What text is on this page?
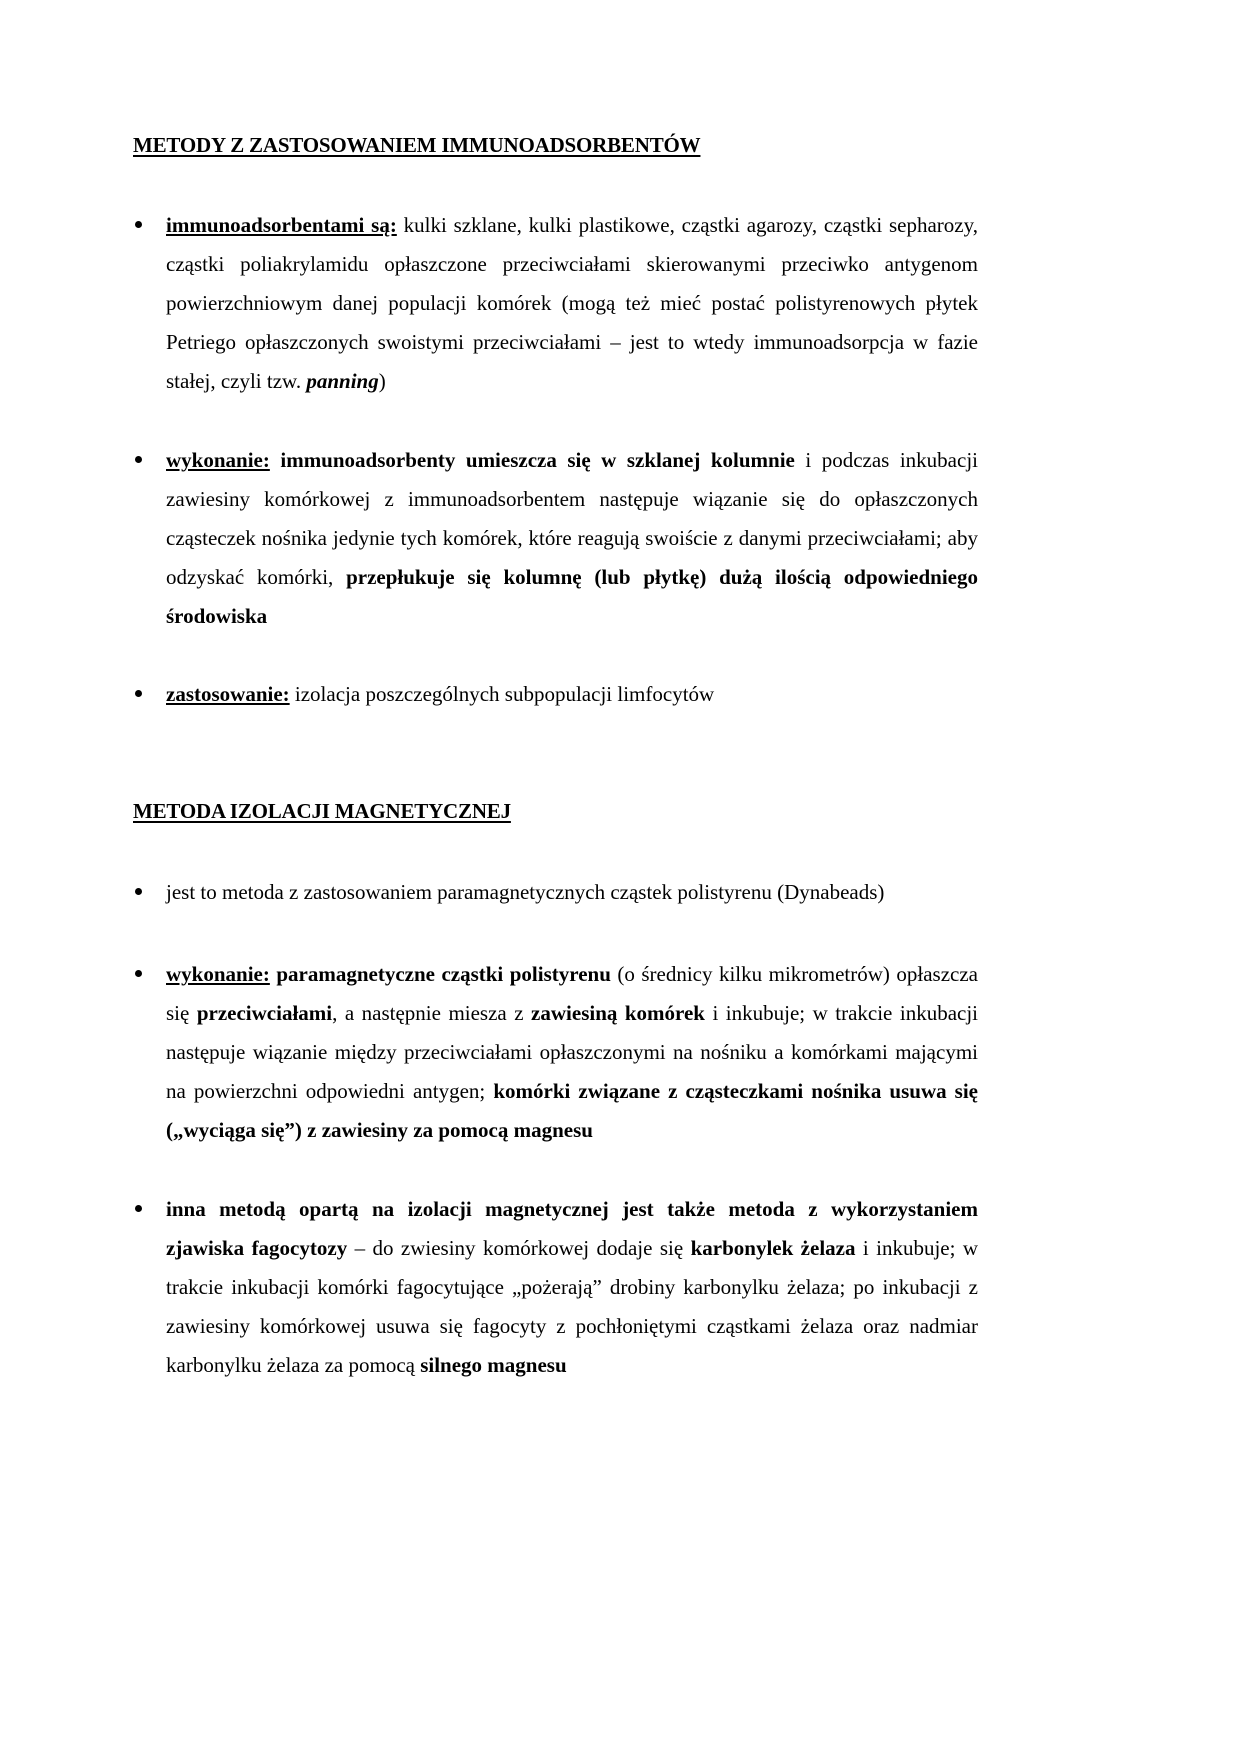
METODY Z ZASTOSOWANIEM IMMUNOADSORBENTÓW
immunoadsorbentami są: kulki szklane, kulki plastikowe, cząstki agarozy, cząstki sepharozy, cząstki poliakrylamidu opłaszczone przeciwciałami skierowanymi przeciwko antygenom powierzchniowym danej populacji komórek (mogą też mieć postać polistyrenowych płytek Petriego opłaszczonych swoistymi przeciwciałami – jest to wtedy immunoadsorpcja w fazie stałej, czyli tzw. panning)
wykonanie: immunoadsorbenty umieszcza się w szklanej kolumnie i podczas inkubacji zawiesiny komórkowej z immunoadsorbentem następuje wiązanie się do opłaszczonych cząsteczek nośnika jedynie tych komórek, które reagują swoiście z danymi przeciwciałami; aby odzyskać komórki, przepłukuje się kolumnę (lub płytkę) dużą ilością odpowiedniego środowiska
zastosowanie: izolacja poszczególnych subpopulacji limfocytów
METODA IZOLACJI MAGNETYCZNEJ
jest to metoda z zastosowaniem paramagnetycznych cząstek polistyrenu (Dynabeads)
wykonanie: paramagnetyczne cząstki polistyrenu (o średnicy kilku mikrometrów) opłaszcza się przeciwciałami, a następnie miesza z zawiesiną komórek i inkubuje; w trakcie inkubacji następuje wiązanie między przeciwciałami opłaszczonymi na nośniku a komórkami mającymi na powierzchni odpowiedni antygen; komórki związane z cząsteczkami nośnika usuwa się („wyciąga się”) z zawiesiny za pomocą magnesu
inna metodą opartą na izolacji magnetycznej jest także metoda z wykorzystaniem zjawiska fagocytozy – do zwiesiny komórkowej dodaje się karbonylek żelaza i inkubuje; w trakcie inkubacji komórki fagocytujące „pożerają” drobiny karbonylku żelaza; po inkubacji z zawiesiny komórkowej usuwa się fagocyty z pochłoniętymi cząstkami żelaza oraz nadmiar karbonylku żelaza za pomocą silnego magnesu
